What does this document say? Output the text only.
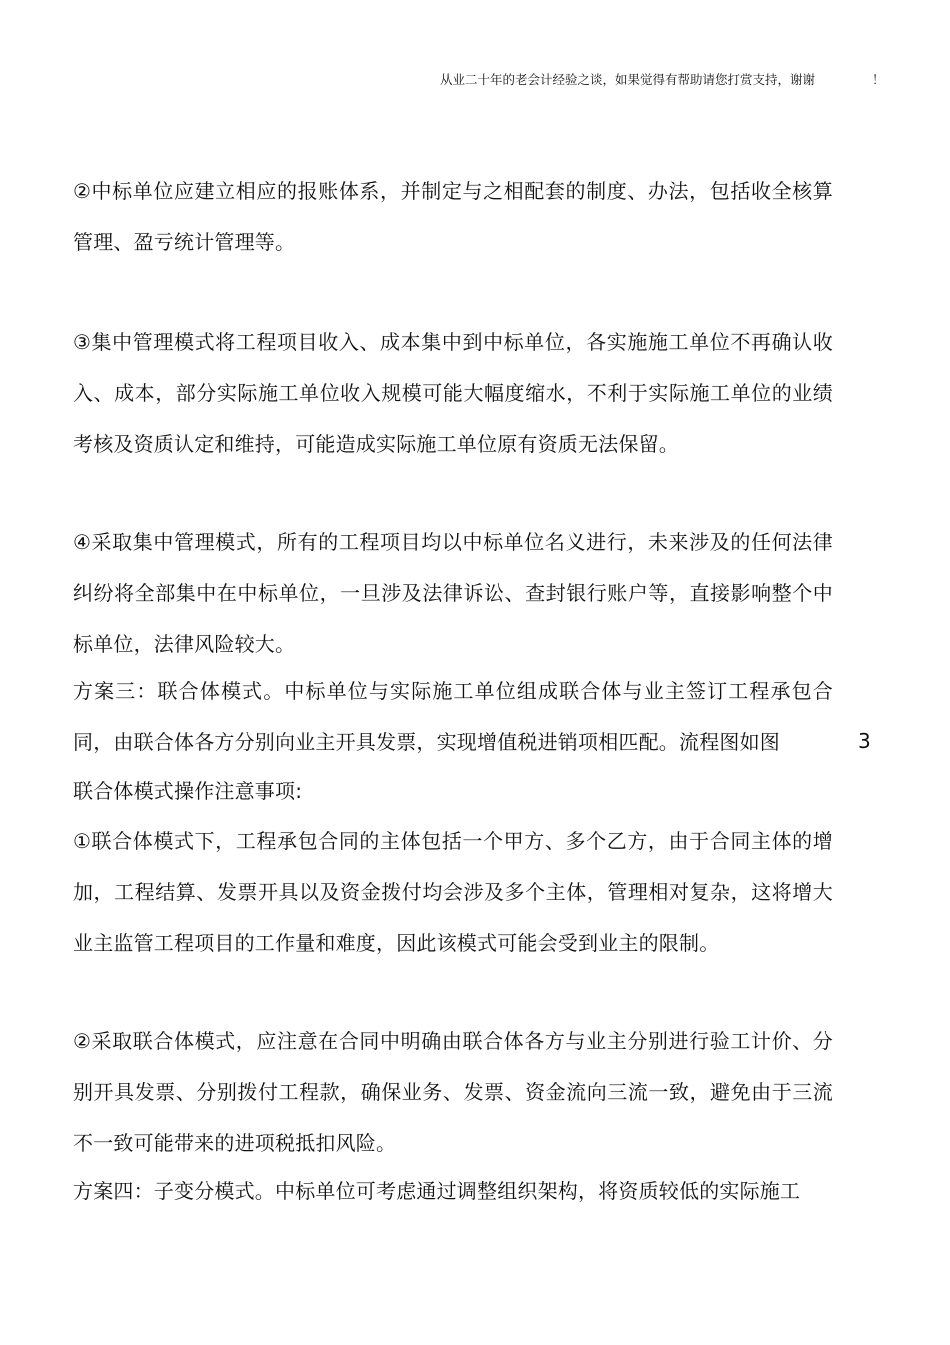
从业二十年的老会计经验之谈，如果觉得有帮助请您打赏支持，谢谢	！

②中标单位应建立相应的报账体系，并制定与之相配套的制度、办法，包括收全核算管理、盈亏统计管理等。

③集中管理模式将工程项目收入、成本集中到中标单位，各实施施工单位不再确认收入、成本，部分实际施工单位收入规模可能大幅度缩水，不利于实际施工单位的业绩考核及资质认定和维持，可能造成实际施工单位原有资质无法保留。

④采取集中管理模式，所有的工程项目均以中标单位名义进行，未来涉及的任何法律纠纷将全部集中在中标单位，一旦涉及法律诉讼、查封银行账户等，直接影响整个中标单位，法律风险较大。

方案三：联合体模式。中标单位与实际施工单位组成联合体与业主签订工程承包合同，由联合体各方分别向业主开具发票，实现增值税进销项相匹配。流程图如图

联合体模式操作注意事项:

①联合体模式下，工程承包合同的主体包括一个甲方、多个乙方，由于合同主体的增加，工程结算、发票开具以及资金拨付均会涉及多个主体，管理相对复杂，这将增大业主监管工程项目的工作量和难度，因此该模式可能会受到业主的限制。

②采取联合体模式，应注意在合同中明确由联合体各方与业主分别进行验工计价、分别开具发票、分别拨付工程款，确保业务、发票、资金流向三流一致，避免由于三流不一致可能带来的进项税抵扣风险。

方案四：子变分模式。中标单位可考虑通过调整组织架构，将资质较低的实际施工

3
